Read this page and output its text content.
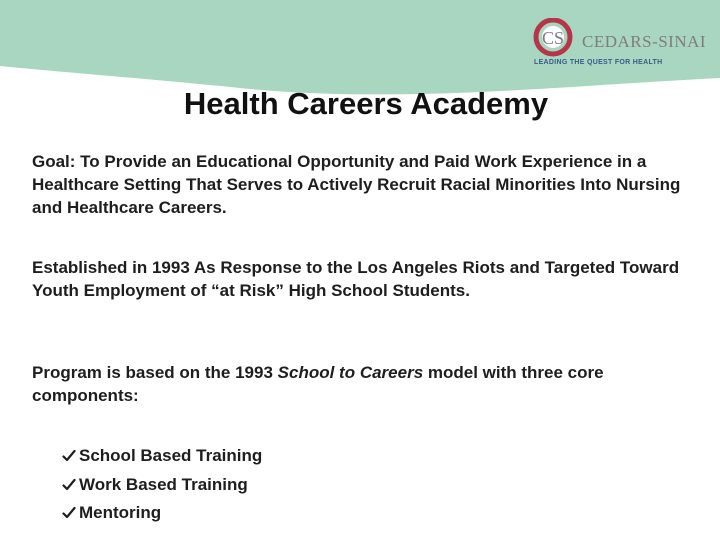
CS CEDARS-SINAI
LEADING THE QUEST FOR HEALTH
Health Careers Academy
Goal: To Provide an Educational Opportunity and Paid Work Experience in a Healthcare Setting That Serves to Actively Recruit Racial Minorities Into Nursing and Healthcare Careers.
Established in 1993 As Response to the Los Angeles Riots and Targeted Toward Youth Employment of “at Risk” High School Students.
Program is based on the 1993 School to Careers model with three core components:
School Based Training
Work Based Training
Mentoring
